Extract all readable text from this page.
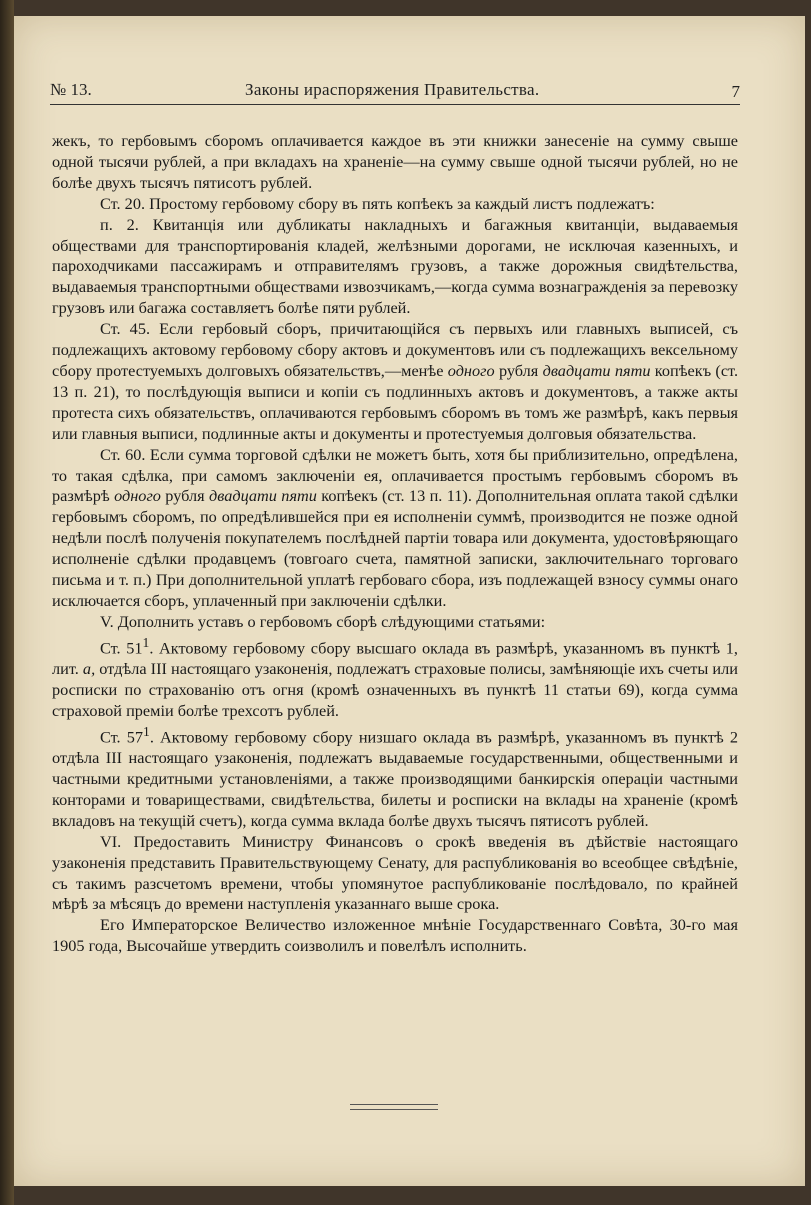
№ 13.	Законы ираспоряжения Правительства.	7

жекъ, то гербовымъ сборомъ оплачивается каждое въ эти книжки занесеніе на сумму свыше одной тысячи рублей, а при вкладахъ на храненіе—на сумму свыше одной тысячи рублей, но не болѣе двухъ тысячъ пятисотъ рублей.

Ст. 20. Простому гербовому сбору въ пять копѣекъ за каждый листъ подлежатъ:

п. 2. Квитанція или дубликаты накладныхъ и багажныя квитанціи, выдаваемыя обществами для транспортированія кладей, желѣзными дорогами, не исключая казенныхъ, и пароходчиками пассажирамъ и отправителямъ грузовъ, а также дорожныя свидѣтельства, выдаваемыя транспортными обществами извозчикамъ,—когда сумма вознагражденія за перевозку грузовъ или багажа составляетъ болѣе пяти рублей.

Ст. 45. Если гербовый сборъ, причитающійся съ первыхъ или главныхъ выписей, съ подлежащихъ актовому гербовому сбору актовъ и документовъ или съ подлежащихъ вексельному сбору протестуемыхъ долговыхъ обязательствъ,—менѣе одного рубля двадцати пяти копѣекъ (ст. 13 п. 21), то послѣдующія выписи и копіи съ подлинныхъ актовъ и документовъ, а также акты протеста сихъ обязательствъ, оплачиваются гербовымъ сборомъ въ томъ же размѣрѣ, какъ первыя или главныя выписи, подлинные акты и документы и протестуемыя долговыя обязательства.

Ст. 60. Если сумма торговой сдѣлки не можетъ быть, хотя бы приблизительно, опредѣлена, то такая сдѣлка, при самомъ заключеніи ея, оплачивается простымъ гербовымъ сборомъ въ размѣрѣ одного рубля двадцати пяти копѣекъ (ст. 13 п. 11). Дополнительная оплата такой сдѣлки гербовымъ сборомъ, по опредѣлившейся при ея исполненіи суммѣ, производится не позже одной недѣли послѣ полученія покупателемъ послѣдней партіи товара или документа, удостовѣряющаго исполненіе сдѣлки продавцемъ (товгоаго счета, памятной записки, заключительнаго торговаго письма и т. п.) При дополнительной уплатѣ гербоваго сбора, изъ подлежащей взносу суммы онаго исключается сборъ, уплаченный при заключеніи сдѣлки.

V. Дополнить уставъ о гербовомъ сборѣ слѣдующими статьями:

Ст. $51^1$. Актовому гербовому сбору высшаго оклада въ размѣрѣ, указанномъ въ пунктѣ 1, лит. а, отдѣла III настоящаго узаконенія, подлежатъ страховые полисы, замѣняющіе ихъ счеты или росписки по страхованію отъ огня (кромѣ означенныхъ въ пунктѣ 11 статьи 69), когда сумма страховой преміи болѣе трехсотъ рублей.

Ст. $57^1$. Актовому гербовому сбору низшаго оклада въ размѣрѣ, указанномъ въ пунктѣ 2 отдѣла III настоящаго узаконенія, подлежатъ выдаваемые государственными, общественными и частными кредитными установленіями, а также производящими банкирскія операціи частными конторами и товариществами, свидѣтельства, билеты и росписки на вклады на храненіе (кромѣ вкладовъ на текущій счетъ), когда сумма вклада болѣе двухъ тысячъ пятисотъ рублей.

VI. Предоставить Министру Финансовъ о срокѣ введенія въ дѣйствіе настоящаго узаконенія представить Правительствующему Сенату, для распубликованія во всеобщее свѣдѣніе, съ такимъ разсчетомъ времени, чтобы упомянутое распубликованіе послѣдовало, по крайней мѣрѣ за мѣсяцъ до времени наступленія указаннаго выше срока.

Его Императорское Величество изложенное мнѣніе Государственнаго Совѣта, 30-го мая 1905 года, Высочайше утвердить соизволилъ и повелѣлъ исполнить.
